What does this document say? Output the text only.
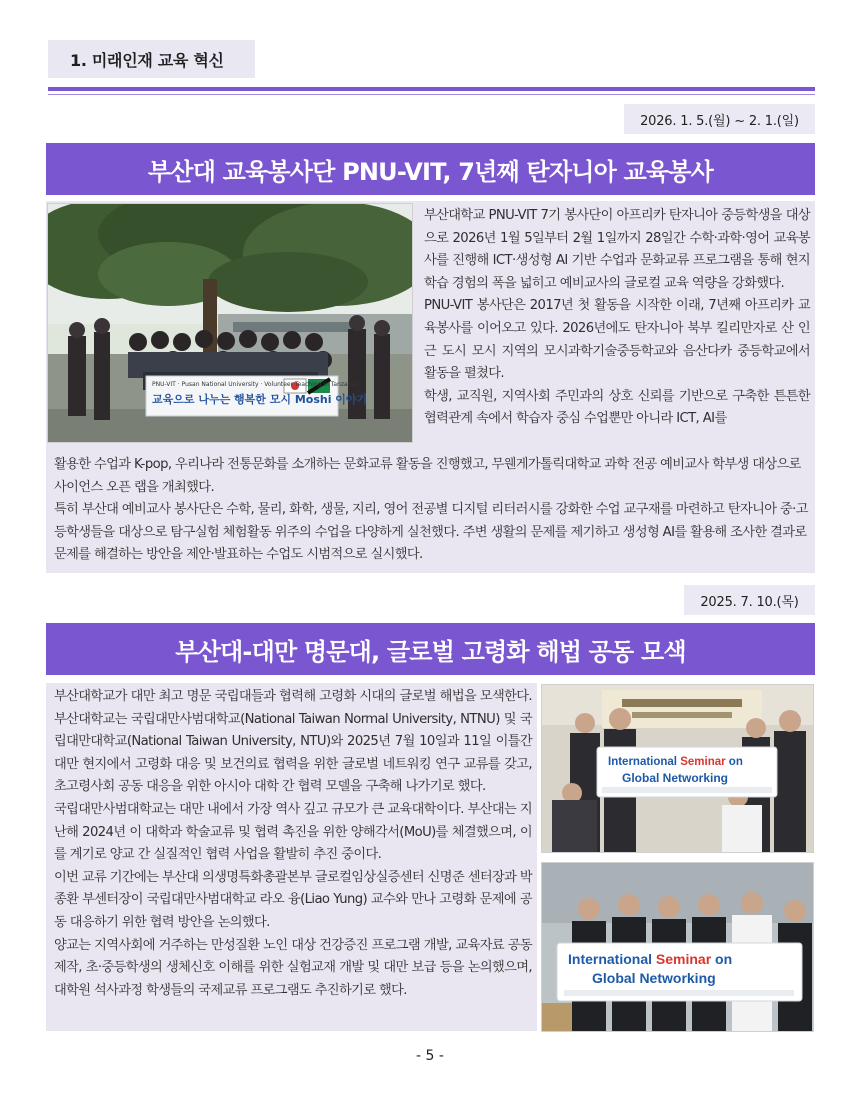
1. 미래인재 교육 혁신
2026. 1. 5.(월) ~ 2. 1.(일)
부산대 교육봉사단 PNU-VIT, 7년째 탄자니아 교육봉사
PNU-VIT · Pusan National University · Volunteer Teaching in Tanzania
교육으로 나누는 행복한 모시 Moshi 이야기

부산대학교 PNU-VIT 7기 봉사단이 아프리카 탄자니아 중등학생을 대상으로 2026년 1월 5일부터 2월 1일까지 28일간 수학·과학·영어 교육봉사를 진행해 ICT·생성형 AI 기반 수업과 문화교류 프로그램을 통해 현지 학습 경험의 폭을 넓히고 예비교사의 글로컬 교육 역량을 강화했다.

PNU-VIT 봉사단은 2017년 첫 활동을 시작한 이래, 7년째 아프리카 교육봉사를 이어오고 있다. 2026년에도 탄자니아 북부 킬리만자로 산 인근 도시 모시 지역의 모시과학기술중등학교와 음산다카 중등학교에서 활동을 펼쳤다.

학생, 교직원, 지역사회 주민과의 상호 신뢰를 기반으로 구축한 튼튼한 협력관계 속에서 학습자 중심 수업뿐만 아니라 ICT, AI를

활용한 수업과 K-pop, 우리나라 전통문화를 소개하는 문화교류 활동을 진행했고, 무웬게가톨릭대학교 과학 전공 예비교사 학부생 대상으로 사이언스 오픈 랩을 개최했다.

특히 부산대 예비교사 봉사단은 수학, 물리, 화학, 생물, 지리, 영어 전공별 디지털 리터러시를 강화한 수업 교구재를 마련하고 탄자니아 중·고등학생들을 대상으로 탐구실험 체험활동 위주의 수업을 다양하게 실천했다. 주변 생활의 문제를 제기하고 생성형 AI를 활용해 조사한 결과로 문제를 해결하는 방안을 제안·발표하는 수업도 시범적으로 실시했다.

2025. 7. 10.(목)
부산대-대만 명문대, 글로벌 고령화 해법 공동 모색

부산대학교가 대만 최고 명문 국립대들과 협력해 고령화 시대의 글로벌 해법을 모색한다. 부산대학교는 국립대만사범대학교(National Taiwan Normal University, NTNU) 및 국립대만대학교(National Taiwan University, NTU)와 2025년 7월 10일과 11일 이틀간 대만 현지에서 고령화 대응 및 보건의료 협력을 위한 글로벌 네트워킹 연구 교류를 갖고, 초고령사회 공동 대응을 위한 아시아 대학 간 협력 모델을 구축해 나가기로 했다.

국립대만사범대학교는 대만 내에서 가장 역사 깊고 규모가 큰 교육대학이다. 부산대는 지난해 2024년 이 대학과 학술교류 및 협력 촉진을 위한 양해각서(MoU)를 체결했으며, 이를 계기로 양교 간 실질적인 협력 사업을 활발히 추진 중이다.

이번 교류 기간에는 부산대 의생명특화총괄본부 글로컬임상실증센터 신명준 센터장과 박종환 부센터장이 국립대만사범대학교 라오 융(Liao Yung) 교수와 만나 고령화 문제에 공동 대응하기 위한 협력 방안을 논의했다.

양교는 지역사회에 거주하는 만성질환 노인 대상 건강증진 프로그램 개발, 교육자료 공동 제작, 초·중등학생의 생체신호 이해를 위한 실험교재 개발 및 대만 보급 등을 논의했으며, 대학원 석사과정 학생들의 국제교류 프로그램도 추진하기로 했다.

International Seminar on
Global Networking
International Seminar on
Global Networking
- 5 -
